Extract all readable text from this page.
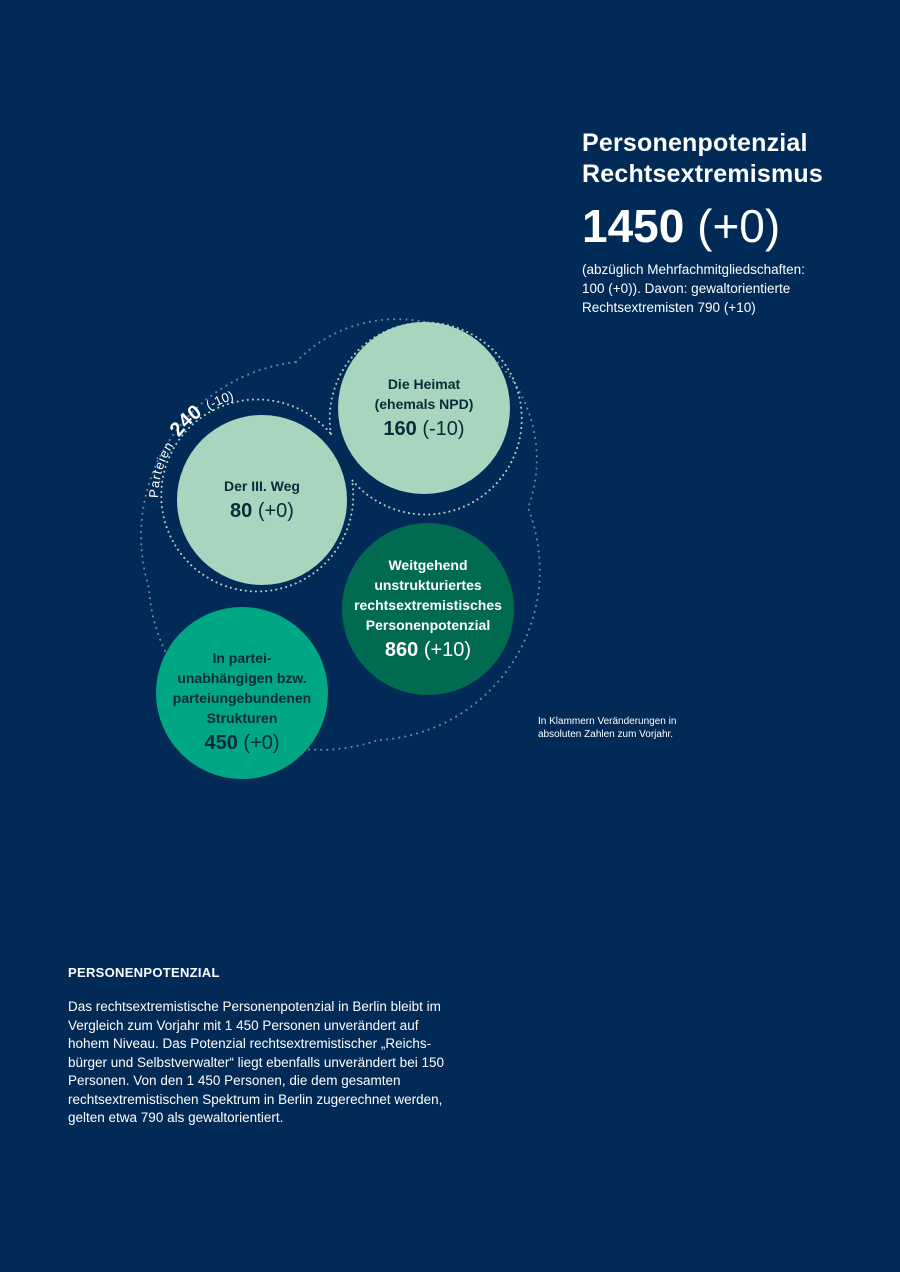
Personenpotenzial
Rechtsextremismus
1450 (+0)
(abzüglich Mehrfachmitgliedschaften:
100 (+0)). Davon: gewaltorientierte
Rechtsextremisten 790 (+10)
Parteien 240 (-10)
Die Heimat
(ehemals NPD)
160 (-10)
Der III. Weg
80 (+0)
Weitgehend
unstrukturiertes
rechtsextremistisches
Personenpotenzial
860 (+10)
In partei-
unabhängigen bzw.
parteiungebundenen
Strukturen
450 (+0)
In Klammern Veränderungen in
absoluten Zahlen zum Vorjahr.
PERSONENPOTENZIAL

Das rechtsextremistische Personenpotenzial in Berlin bleibt im Vergleich zum Vorjahr mit 1 450 Personen unverändert auf hohem Niveau. Das Potenzial rechtsextremistischer „Reichs-bürger und Selbstverwalter“ liegt ebenfalls unverändert bei 150 Personen. Von den 1 450 Personen, die dem gesamten rechtsextremistischen Spektrum in Berlin zugerechnet werden, gelten etwa 790 als gewaltorientiert.
